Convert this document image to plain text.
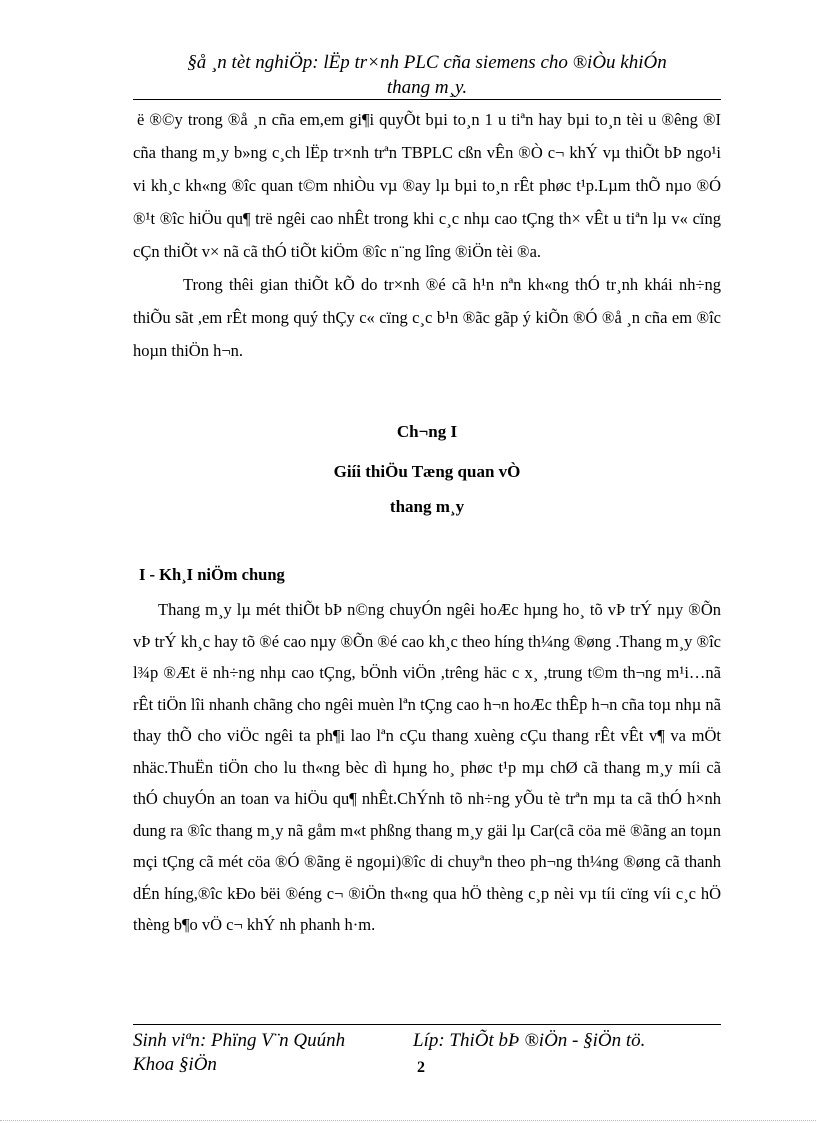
§å ¸n tèt nghiÖp: lËp tr×nh PLC cña siemens cho ®iÒu khiÓn
thang m¸y.

ë ®©y trong ®å ¸n cña em,em gi¶i quyÕt bµi to¸n 1 u tiªn hay bµi to¸n tèi u ®êng ®I cña thang m¸y b»ng c¸ch lËp tr×nh trªn TBPLC cßn vÊn ®Ò c¬ khÝ vµ thiÕt bÞ ngo¹i vi kh¸c kh«ng ®îc quan t©m nhiÒu vµ ®ay lµ bµi to¸n rÊt phøc t¹p.Lµm thÕ nµo ®Ó ®¹t ®îc hiÖu qu¶ trë ngêi cao nhÊt trong khi c¸c nhµ cao tÇng th× vÊt u tiªn lµ v« cïng cÇn thiÕt v× nã cã thÓ tiÕt kiÖm ®îc n¨ng lîng ®iÖn tèi ®a.

Trong thêi gian thiÕt kÕ do tr×nh ®é cã h¹n nªn kh«ng thÓ tr¸nh khái nh÷ng thiÕu sãt ,em rÊt mong quý thÇy c« cïng c¸c b¹n ®ãc gãp ý kiÕn ®Ó ®å ¸n cña em ®îc hoµn thiÖn h¬n.

Ch¬ng I
Giíi thiÖu Tæng quan vÒ
thang m¸y
I - Kh¸I niÖm chung

Thang m¸y lµ mét thiÕt bÞ n©ng chuyÓn ngêi hoÆc hµng ho¸ tõ vÞ trÝ nµy ®Õn vÞ trÝ kh¸c hay tõ ®é cao nµy ®Õn ®é cao kh¸c theo híng th¼ng ®øng .Thang m¸y ®îc l¾p ®Æt ë nh÷ng nhµ cao tÇng, bÖnh viÖn ,trêng häc c x¸ ,trung t©m th¬ng m¹i…nã rÊt tiÖn lîi nhanh chãng cho ngêi muèn lªn tÇng cao h¬n hoÆc thÊp h¬n cña toµ nhµ nã thay thÕ cho viÖc ngêi ta ph¶i lao lªn cÇu thang xuèng cÇu thang rÊt vÊt v¶ va mÖt nhäc.ThuËn tiÖn cho lu th«ng bèc dì hµng ho¸ phøc t¹p mµ chØ cã thang m¸y míi cã thÓ chuyÓn an toan va hiÖu qu¶ nhÊt.ChÝnh tõ nh÷ng yÕu tè trªn mµ ta cã thÓ h×nh dung ra ®îc thang m¸y nã gåm m«t phßng thang m¸y gäi lµ Car(cã cöa më ®ãng an toµn mçi tÇng cã mét cöa ®Ó ®ãng ë ngoµi)®îc di chuyªn theo ph¬ng th¼ng ®øng cã thanh dÉn híng,®îc kÐo bëi ®éng c¬ ®iÖn th«ng qua hÖ thèng c¸p nèi vµ tíi cïng víi c¸c hÖ thèng b¶o vÖ c¬ khÝ nh phanh h·m.

Sinh viªn: Phïng V¨n Quúnh	Líp: ThiÕt bÞ ®iÖn - §iÖn tö.
Khoa §iÖn	2
